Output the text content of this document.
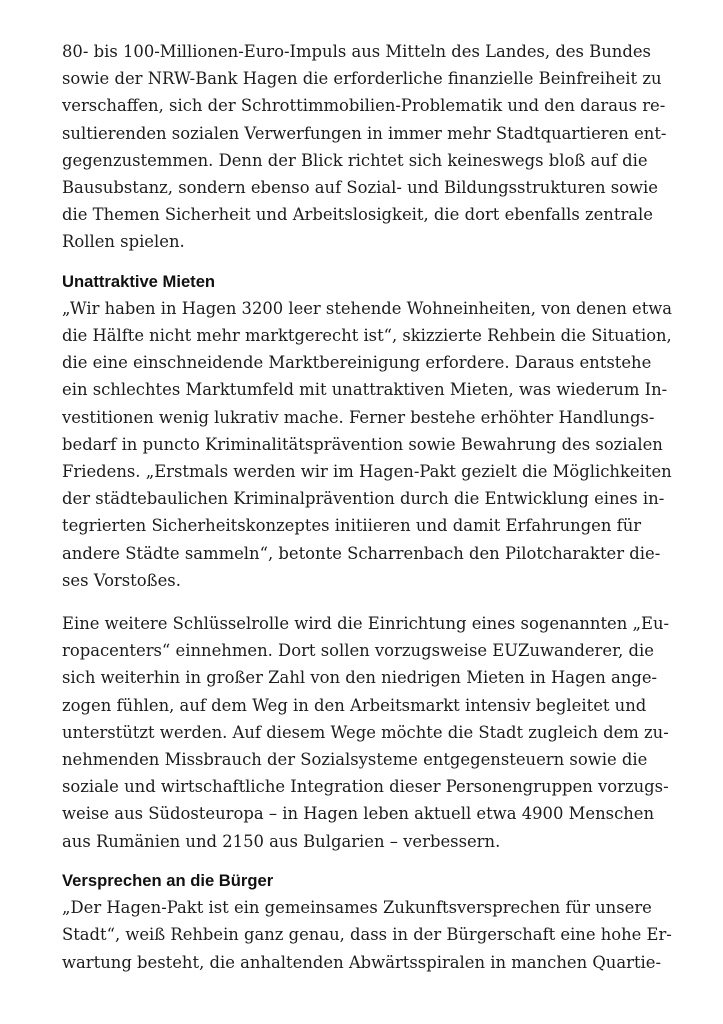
80- bis 100-Millionen-Euro-Impuls aus Mitteln des Landes, des Bundes
sowie der NRW-Bank Hagen die erforderliche finanzielle Beinfreiheit zu
verschaffen, sich der Schrottimmobilien-Problematik und den daraus re-
sultierenden sozialen Verwerfungen in immer mehr Stadtquartieren ent-
gegenzustemmen. Denn der Blick richtet sich keineswegs bloß auf die
Bausubstanz, sondern ebenso auf Sozial- und Bildungsstrukturen sowie
die Themen Sicherheit und Arbeitslosigkeit, die dort ebenfalls zentrale
Rollen spielen.

Unattraktive Mieten

„Wir haben in Hagen 3200 leer stehende Wohneinheiten, von denen etwa
die Hälfte nicht mehr marktgerecht ist“, skizzierte Rehbein die Situation,
die eine einschneidende Marktbereinigung erfordere. Daraus entstehe
ein schlechtes Marktumfeld mit unattraktiven Mieten, was wiederum In-
vestitionen wenig lukrativ mache. Ferner bestehe erhöhter Handlungs-
bedarf in puncto Kriminalitätsprävention sowie Bewahrung des sozialen
Friedens. „Erstmals werden wir im Hagen-Pakt gezielt die Möglichkeiten
der städtebaulichen Kriminalprävention durch die Entwicklung eines in-
tegrierten Sicherheitskonzeptes initiieren und damit Erfahrungen für
andere Städte sammeln“, betonte Scharrenbach den Pilotcharakter die-
ses Vorstoßes.

Eine weitere Schlüsselrolle wird die Einrichtung eines sogenannten „Eu-
ropacenters“ einnehmen. Dort sollen vorzugsweise EUZuwanderer, die
sich weiterhin in großer Zahl von den niedrigen Mieten in Hagen ange-
zogen fühlen, auf dem Weg in den Arbeitsmarkt intensiv begleitet und
unterstützt werden. Auf diesem Wege möchte die Stadt zugleich dem zu-
nehmenden Missbrauch der Sozialsysteme entgegensteuern sowie die
soziale und wirtschaftliche Integration dieser Personengruppen vorzugs-
weise aus Südosteuropa – in Hagen leben aktuell etwa 4900 Menschen
aus Rumänien und 2150 aus Bulgarien – verbessern.

Versprechen an die Bürger

„Der Hagen-Pakt ist ein gemeinsames Zukunftsversprechen für unsere
Stadt“, weiß Rehbein ganz genau, dass in der Bürgerschaft eine hohe Er-
wartung besteht, die anhaltenden Abwärtsspiralen in manchen Quartie-
